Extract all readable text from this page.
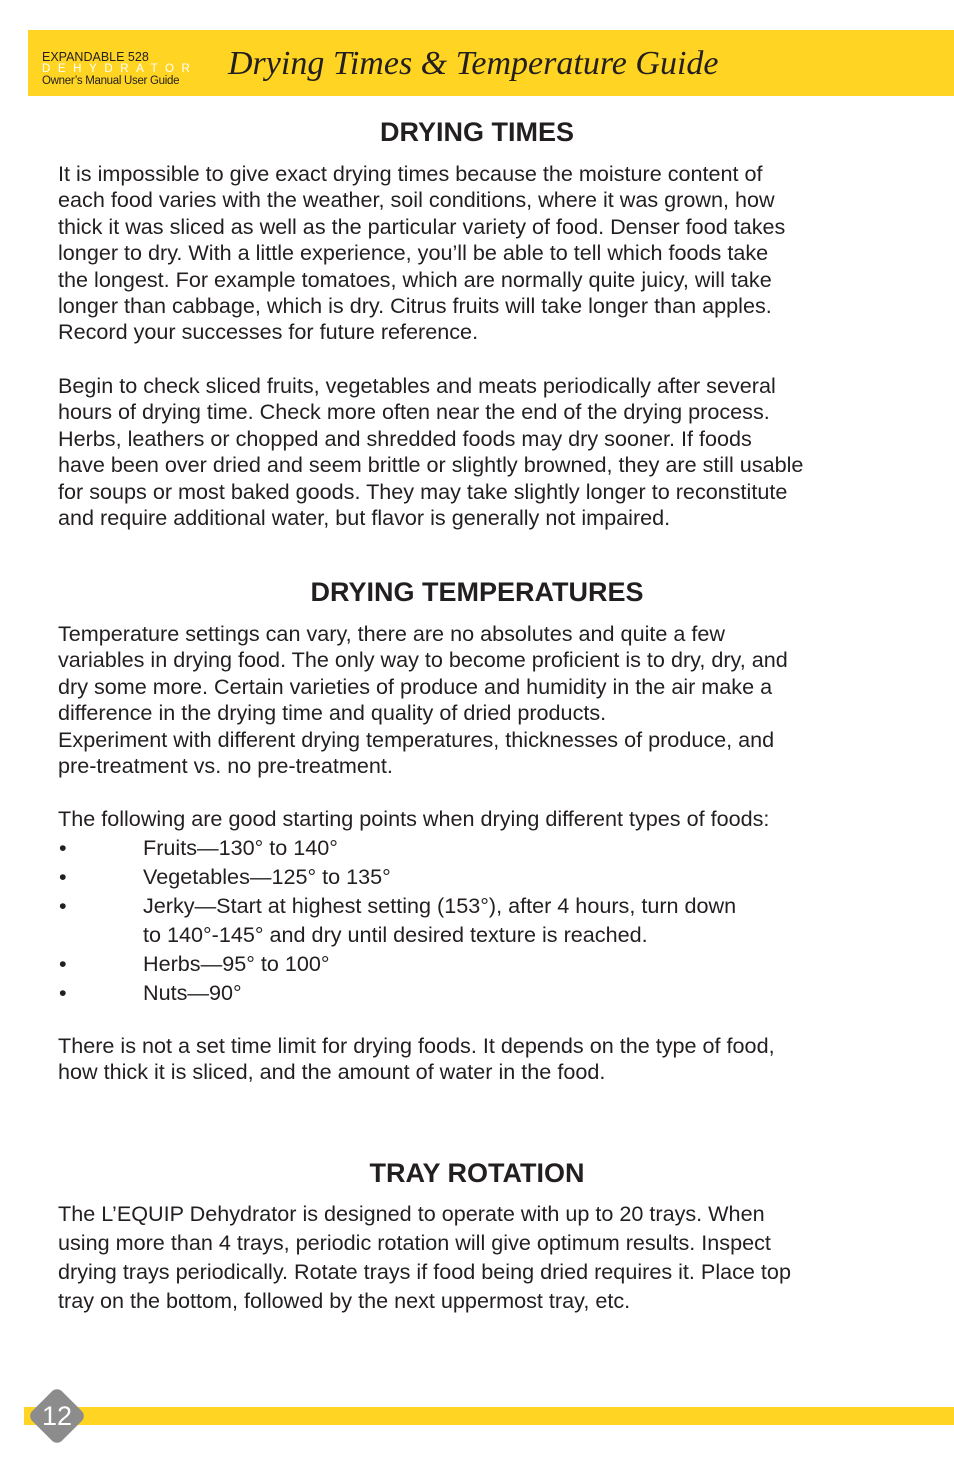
EXPANDABLE 528
DEHYDRATOR
Owner’s Manual User Guide	Drying Times & Temperature Guide
DRYING TIMES
It is impossible to give exact drying times because the moisture content of
each food varies with the weather, soil conditions, where it was grown, how
thick it was sliced as well as the particular variety of food. Denser food takes
longer to dry. With a little experience, you’ll be able to tell which foods take
the longest. For example tomatoes, which are normally quite juicy, will take
longer than cabbage, which is dry. Citrus fruits will take longer than apples.
Record your successes for future reference.
Begin to check sliced fruits, vegetables and meats periodically after several
hours of drying time. Check more often near the end of the drying process.
Herbs, leathers or chopped and shredded foods may dry sooner. If foods
have been over dried and seem brittle or slightly browned, they are still usable
for soups or most baked goods. They may take slightly longer to reconstitute
and require additional water, but flavor is generally not impaired.
DRYING TEMPERATURES
Temperature settings can vary, there are no absolutes and quite a few
variables in drying food. The only way to become proficient is to dry, dry, and
dry some more. Certain varieties of produce and humidity in the air make a
difference in the drying time and quality of dried products.
Experiment with different drying temperatures, thicknesses of produce, and
pre-treatment vs. no pre-treatment.
The following are good starting points when drying different types of foods:
•	Fruits—130° to 140°
•	Vegetables—125° to 135°
•	Jerky—Start at highest setting (153°), after 4 hours, turn down
to 140°-145° and dry until desired texture is reached.
•	Herbs—95° to 100°
•	Nuts—90°
There is not a set time limit for drying foods. It depends on the type of food,
how thick it is sliced, and the amount of water in the food.
TRAY ROTATION
The L’EQUIP Dehydrator is designed to operate with up to 20 trays. When
using more than 4 trays, periodic rotation will give optimum results. Inspect
drying trays periodically. Rotate trays if food being dried requires it. Place top
tray on the bottom, followed by the next uppermost tray, etc.
12
